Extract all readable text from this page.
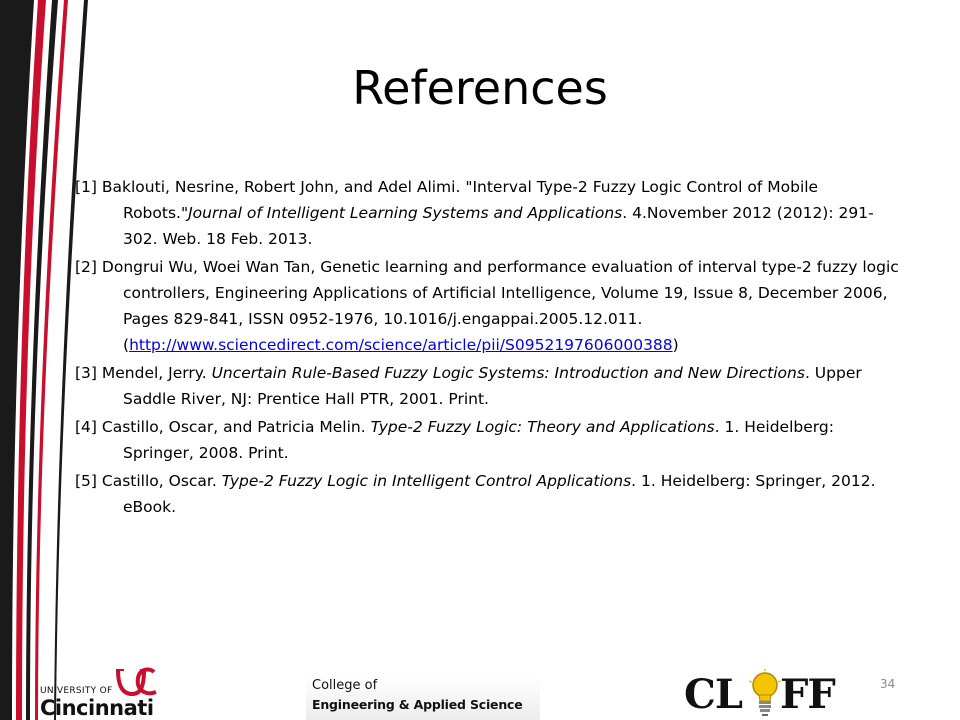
References
[1] Baklouti, Nesrine, Robert John, and Adel Alimi. "Interval Type-2 Fuzzy Logic Control of Mobile Robots."Journal of Intelligent Learning Systems and Applications. 4.November 2012 (2012): 291-302. Web. 18 Feb. 2013.
[2] Dongrui Wu, Woei Wan Tan, Genetic learning and performance evaluation of interval type-2 fuzzy logic controllers, Engineering Applications of Artificial Intelligence, Volume 19, Issue 8, December 2006, Pages 829-841, ISSN 0952-1976, 10.1016/j.engappai.2005.12.011. (http://www.sciencedirect.com/science/article/pii/S0952197606000388)
[3] Mendel, Jerry. Uncertain Rule-Based Fuzzy Logic Systems: Introduction and New Directions. Upper Saddle River, NJ: Prentice Hall PTR, 2001. Print.
[4] Castillo, Oscar, and Patricia Melin. Type-2 Fuzzy Logic: Theory and Applications. 1. Heidelberg: Springer, 2008. Print.
[5] Castillo, Oscar. Type-2 Fuzzy Logic in Intelligent Control Applications. 1. Heidelberg: Springer, 2012. eBook.
UNIVERSITY OF
Cincinnati
College of
Engineering & Applied Science	CL FF	34
